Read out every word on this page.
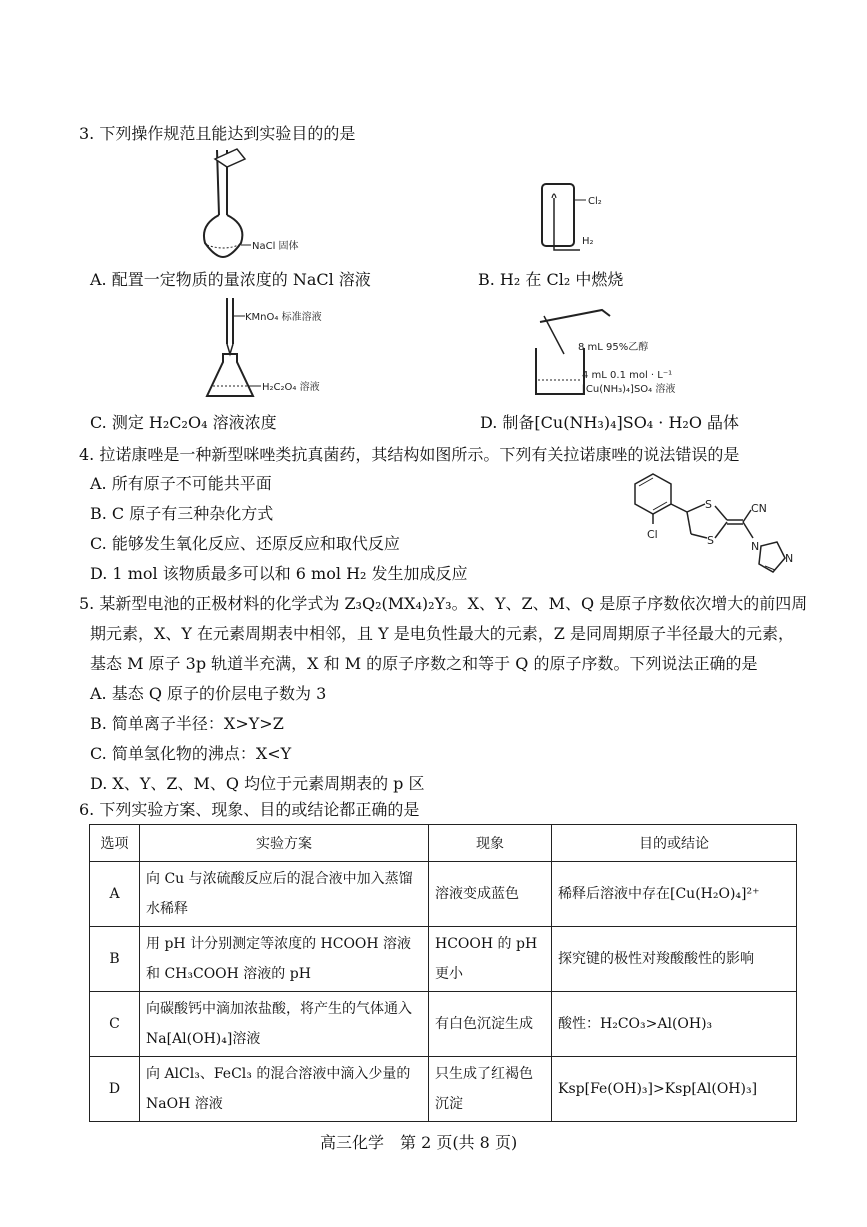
3. 下列操作规范且能达到实验目的的是
NaCl 固体
A. 配置一定物质的量浓度的 NaCl 溶液
Cl₂
H₂
B. H₂ 在 Cl₂ 中燃烧
KMnO₄ 标准溶液
H₂C₂O₄ 溶液
C. 测定 H₂C₂O₄ 溶液浓度
8 mL 95%乙醇
4 mL 0.1 mol · L⁻¹
[Cu(NH₃)₄]SO₄ 溶液
D. 制备[Cu(NH₃)₄]SO₄ · H₂O 晶体
4. 拉诺康唑是一种新型咪唑类抗真菌药，其结构如图所示。下列有关拉诺康唑的说法错误的是
A. 所有原子不可能共平面
B. C 原子有三种杂化方式
C. 能够发生氧化反应、还原反应和取代反应
D. 1 mol 该物质最多可以和 6 mol H₂ 发生加成反应
Cl
S
S
CN
N
N
5. 某新型电池的正极材料的化学式为 Z₃Q₂(MX₄)₂Y₃。X、Y、Z、M、Q 是原子序数依次增大的前四周
期元素，X、Y 在元素周期表中相邻，且 Y 是电负性最大的元素，Z 是同周期原子半径最大的元素，
基态 M 原子 3p 轨道半充满，X 和 M 的原子序数之和等于 Q 的原子序数。下列说法正确的是
A. 基态 Q 原子的价层电子数为 3
B. 简单离子半径：X>Y>Z
C. 简单氢化物的沸点：X<Y
D. X、Y、Z、M、Q 均位于元素周期表的 p 区
6. 下列实验方案、现象、目的或结论都正确的是
选项	实验方案	现象	目的或结论
A	向 Cu 与浓硫酸反应后的混合液中加入蒸馏水稀释	溶液变成蓝色	稀释后溶液中存在[Cu(H₂O)₄]²⁺
B	用 pH 计分别测定等浓度的 HCOOH 溶液和 CH₃COOH 溶液的 pH	HCOOH 的 pH 更小	探究键的极性对羧酸酸性的影响
C	向碳酸钙中滴加浓盐酸，将产生的气体通入 Na[Al(OH)₄]溶液	有白色沉淀生成	酸性：H₂CO₃>Al(OH)₃
D	向 AlCl₃、FeCl₃ 的混合溶液中滴入少量的 NaOH 溶液	只生成了红褐色沉淀	Ksp[Fe(OH)₃]>Ksp[Al(OH)₃]
高三化学　第 2 页(共 8 页)
